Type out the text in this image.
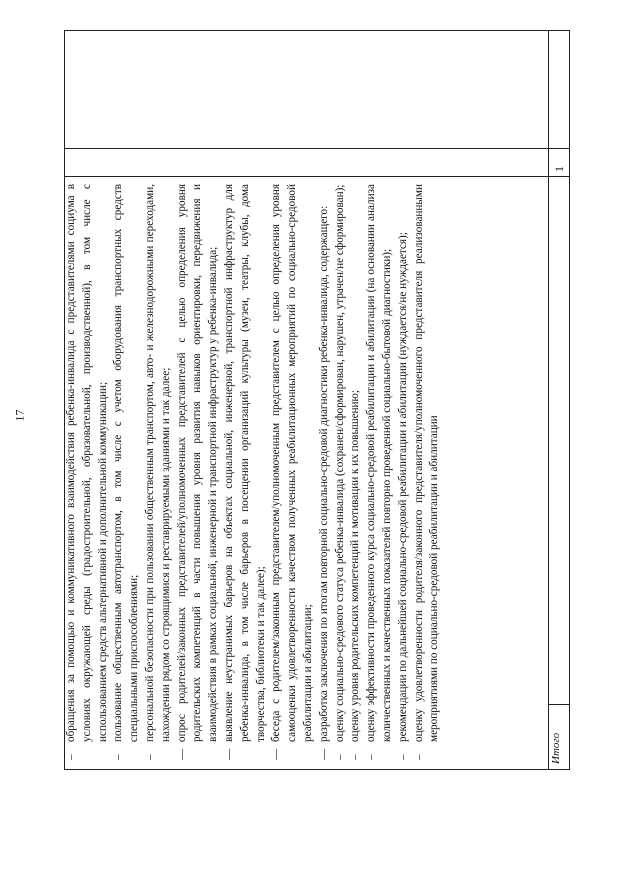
17
1
Итого

–обращения за помощью и коммуникативного взаимодействия ребенка-инвалида с представителями социума в условиях окружающей среды (градостроительной, образовательной, производственной), в том числе с использованием средств альтернативной и дополнительной коммуникации;

–пользование общественным автотранспортом, в том числе с учетом оборудования транспортных средств специальными приспособлениями;

–персональной безопасности при пользовании общественным транспортом, авто- и железнодорожными переходами, нахождении рядом со строящимися и реставрируемыми зданиями и так далее;

—опрос родителей/законных представителей/уполномоченных представителей с целью определения уровня родительских компетенций в части повышения уровня развития навыков ориентировки, передвижения и взаимодействия в рамках социальной, инженерной и транспортной инфраструктур у ребенка-инвалида;

—выявление неустранимых барьеров на объектах социальной, инженерной, транспортной инфраструктур для ребенка-инвалида, в том числе барьеров в посещении организаций культуры (музеи, театры, клубы, дома творчества, библиотеки и так далее);

—беседа с родителем/законным представителем/уполномоченным представителем с целью определения уровня самооценки удовлетворенности качеством полученных реабилитационных мероприятий по социально-средовой реабилитации и абилитации;

—разработка заключения по итогам повторной социально-средовой диагностики ребенка-инвалида, содержащего:

–оценку социально-средового статуса ребенка-инвалида (сохранен/сформирован, нарушен, утрачен/не сформирован);

–оценку уровня родительских компетенций и мотивации к их повышению;

–оценку эффективности проведенного курса социально-средовой реабилитации и абилитации (на основании анализа количественных и качественных показателей повторно проведенной социально-бытовой диагностики);

–рекомендации по дальнейшей социально-средовой реабилитации и абилитации (нуждается/не нуждается);

–оценку удовлетворенности родителя/законного представителя/уполномоченного представителя реализованными мероприятиями по социально-средовой реабилитации и абилитации
